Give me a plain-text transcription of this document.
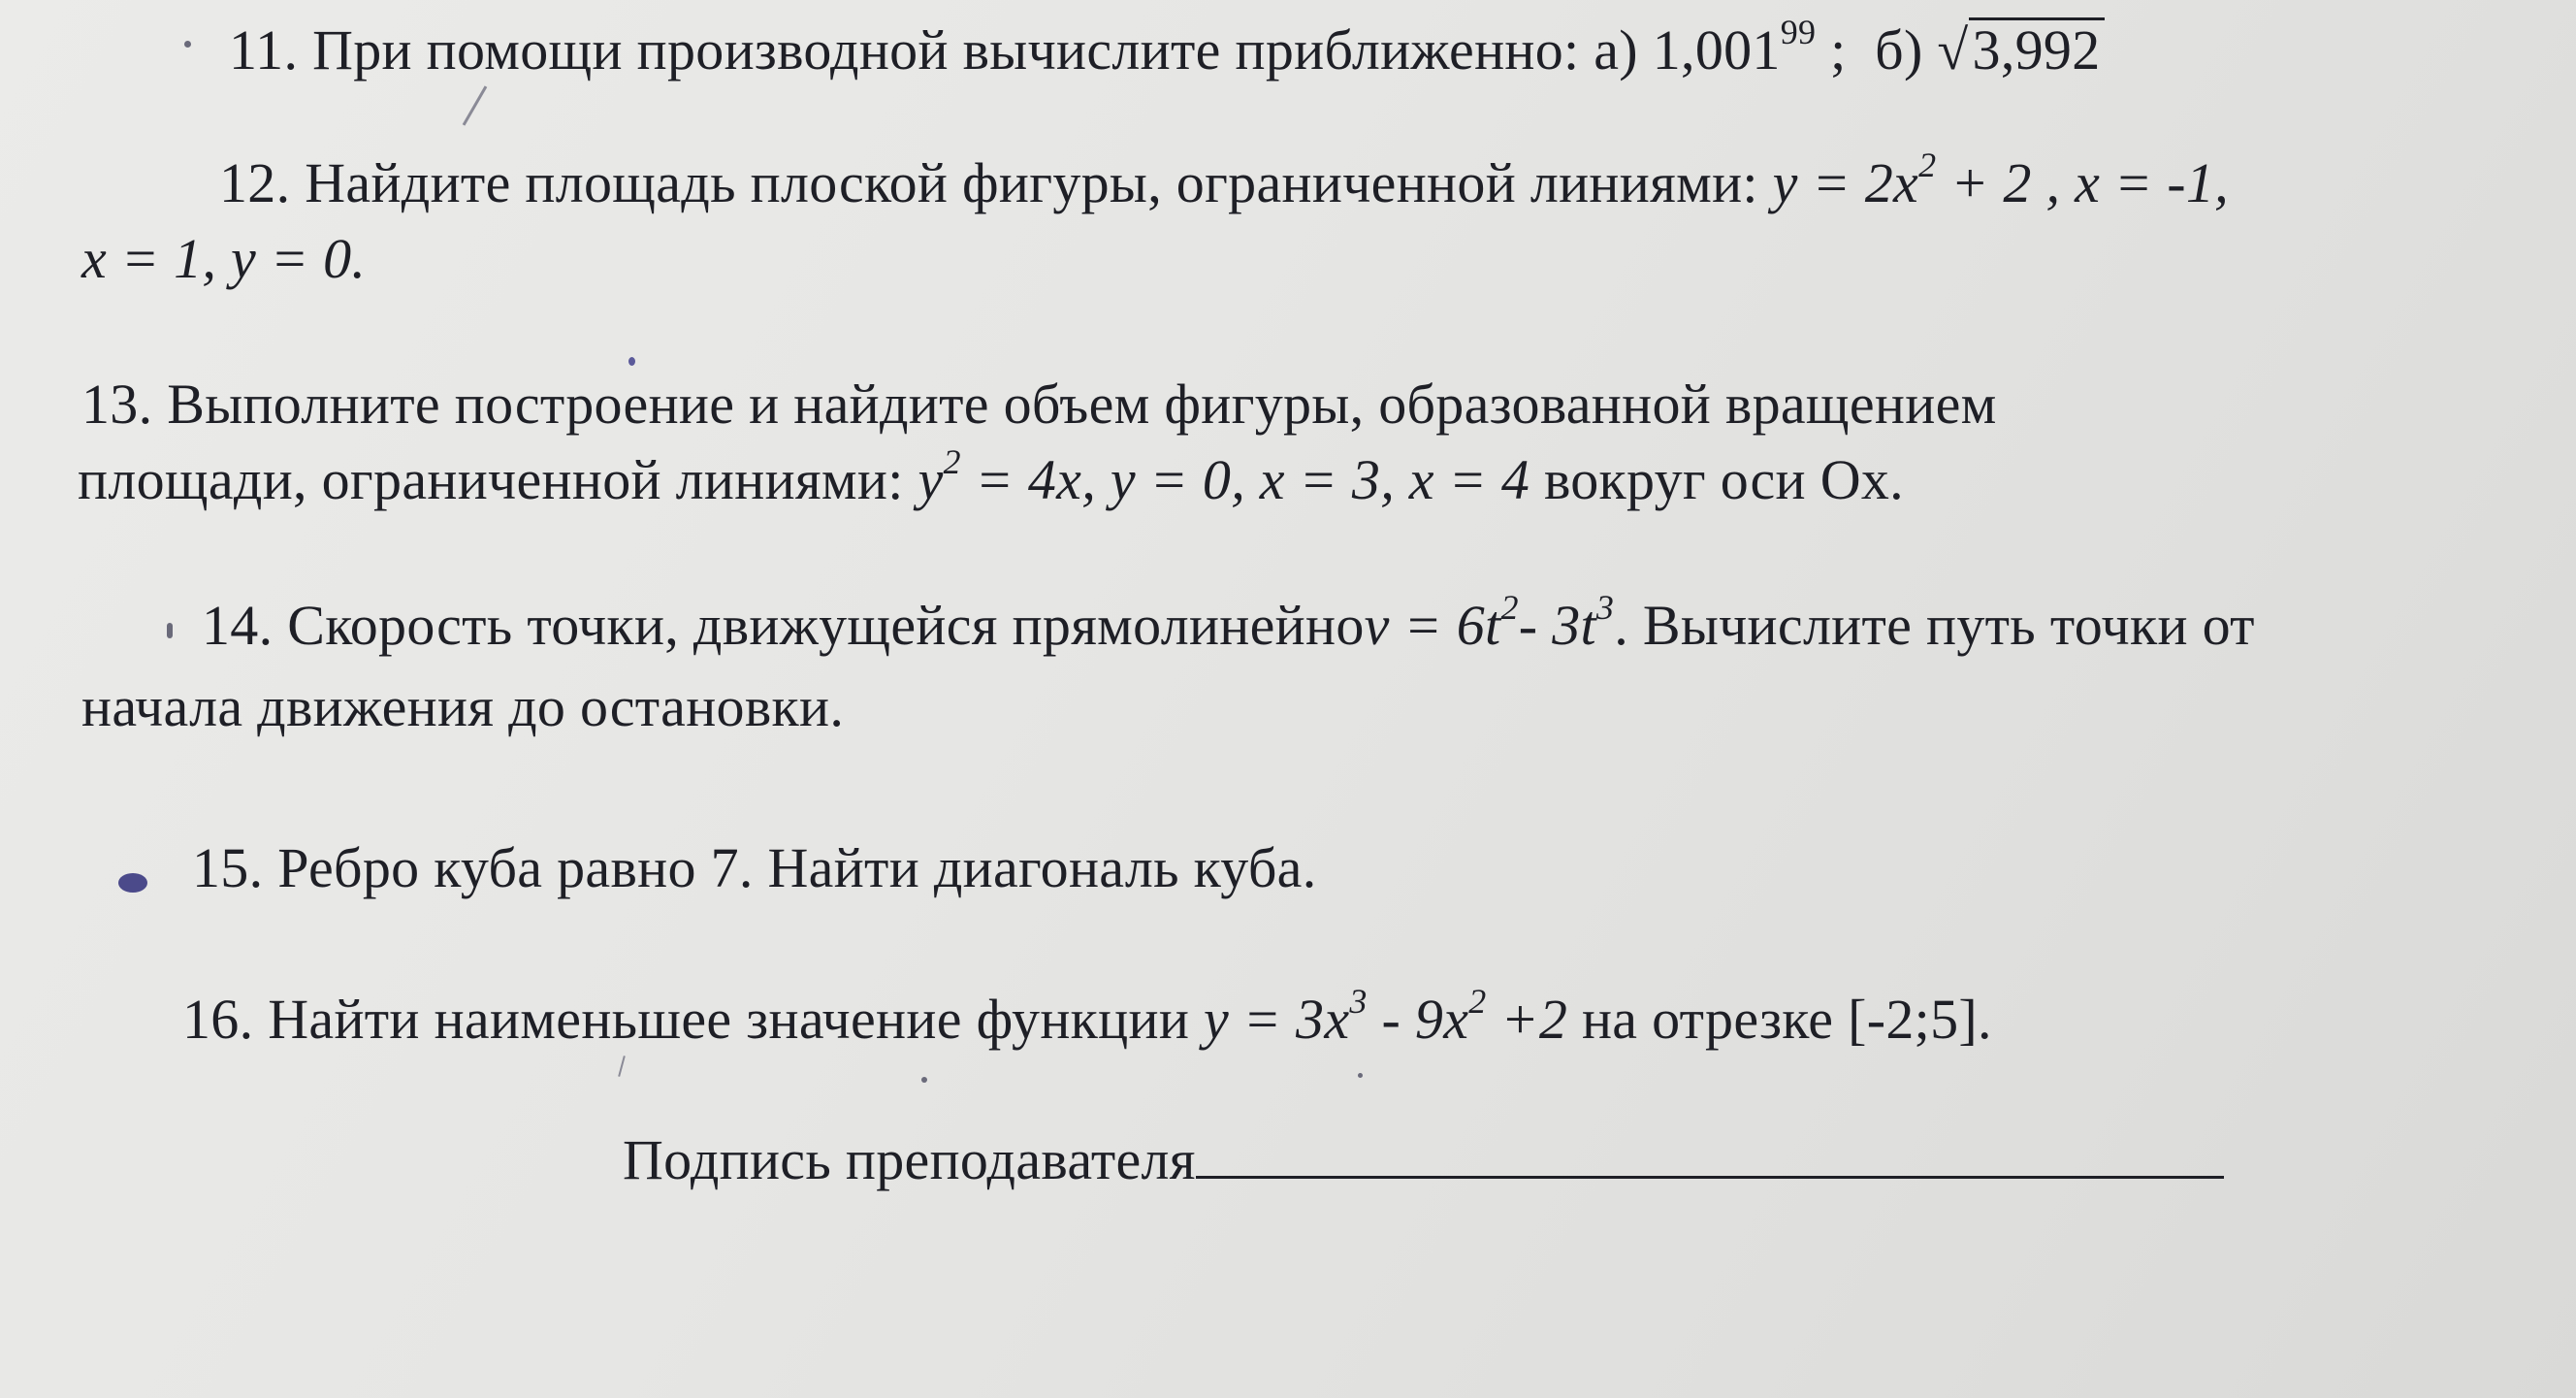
11. При помощи производной вычислите приближенно: а) 1,001$^{99}$ ;  б) √3,992
12. Найдите площадь плоской фигуры, ограниченной линиями: $y = 2x^2 + 2$ , x = -1,
x = 1, y = 0.
13. Выполните построение и найдите объем фигуры, образованной вращением
площади, ограниченной линиями: $y^2 = 4x$, y = 0, x = 3, x = 4 вокруг оси Ох.
14. Скорость точки, движущейся прямолинейноv = $6t^2-$ $3t^3$. Вычислите путь точки от
начала движения до остановки.
15. Ребро куба равно 7. Найти диагональ куба.
16. Найти наименьшее значение функции $y = 3x^3 - 9x^2 +2$ на отрезке [-2;5].
Подпись преподавателя
